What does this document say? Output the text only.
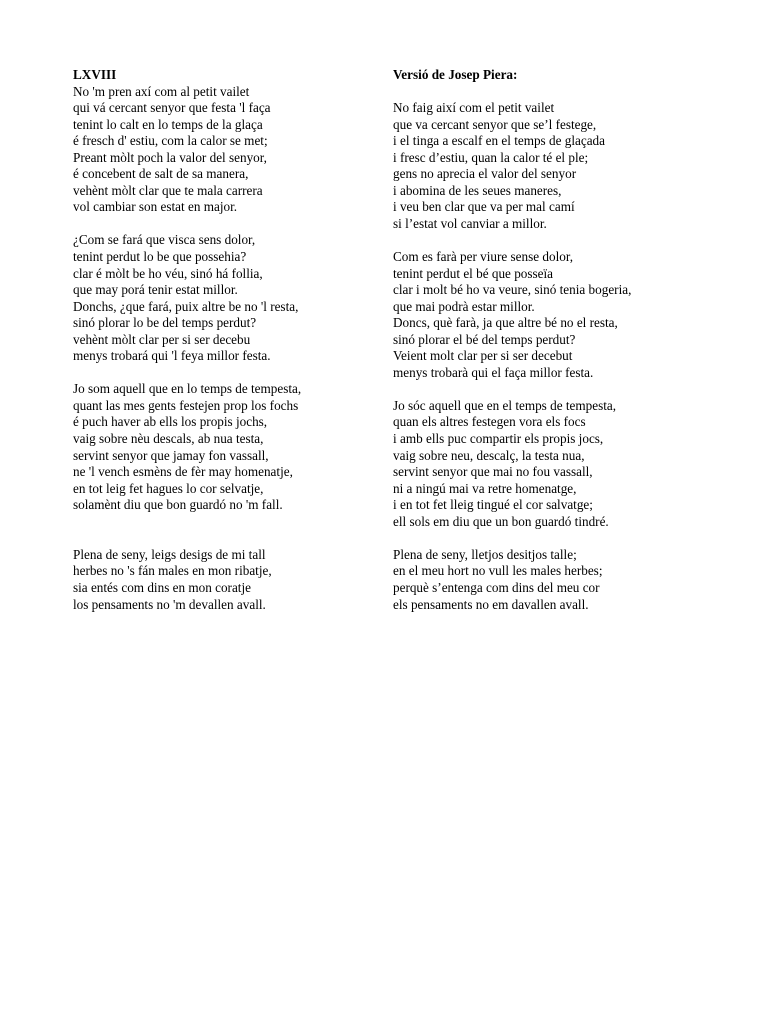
LXVIII

No 'm pren axí com al petit vailet
qui vá cercant senyor que festa 'l faça
tenint lo calt en lo temps de la glaça
é fresch d' estiu, com la calor se met;
Preant mòlt poch la valor del senyor,
é concebent de salt de sa manera,
vehènt mòlt clar que te mala carrera
vol cambiar son estat en major.
¿Com se fará que visca sens dolor,
tenint perdut lo be que possehia?
clar é mòlt be ho véu, sinó há follia,
que may porá tenir estat millor.
Donchs, ¿que fará, puix altre be no 'l resta,
sinó plorar lo be del temps perdut?
vehènt mòlt clar per si ser decebu
menys trobará qui 'l feya millor festa.
Jo som aquell que en lo temps de tempesta,
quant las mes gents festejen prop los fochs
é puch haver ab ells los propis jochs,
vaig sobre nèu descals, ab nua testa,
servint senyor que jamay fon vassall,
ne 'l vench esmèns de fèr may homenatje,
en tot leig fet hagues lo cor selvatje,
solamènt diu que bon guardó no 'm fall.
Plena de seny, leigs desigs de mi tall
herbes no 's fán males en mon ribatje,
sia entés com dins en mon coratje
los pensaments no 'm devallen avall.

Versió de Josep Piera:

No faig així com el petit vailet
que va cercant senyor que se’l festege,
i el tinga a escalf en el temps de glaçada
i fresc d’estiu, quan la calor té el ple;
gens no aprecia el valor del senyor
i abomina de les seues maneres,
i veu ben clar que va per mal camí
si l’estat vol canviar a millor.
Com es farà per viure sense dolor,
tenint perdut el bé que posseïa
clar i molt bé ho va veure, sinó tenia bogeria,
que mai podrà estar millor.
Doncs, què farà, ja que altre bé no el resta,
sinó plorar el bé del temps perdut?
Veient molt clar per si ser decebut
menys trobarà qui el faça millor festa.
Jo sóc aquell que en el temps de tempesta,
quan els altres festegen vora els focs
i amb ells puc compartir els propis jocs,
vaig sobre neu, descalç, la testa nua,
servint senyor que mai no fou vassall,
ni a ningú mai va retre homenatge,
i en tot fet lleig tingué el cor salvatge;
ell sols em diu que un bon guardó tindré.
Plena de seny, lletjos desitjos talle;
en el meu hort no vull les males herbes;
perquè s’entenga com dins del meu cor
els pensaments no em davallen avall.
